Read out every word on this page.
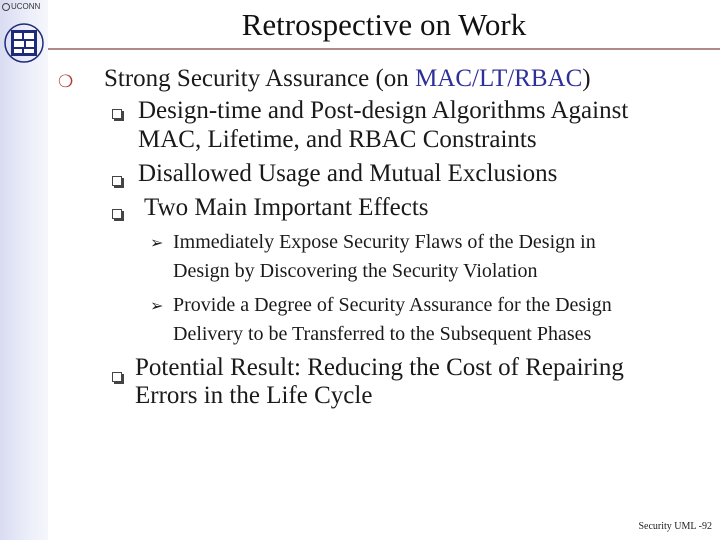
UCONN
Retrospective on Work
❍ Strong Security Assurance (on MAC/LT/RBAC)
Design-time and Post-design Algorithms Against
MAC, Lifetime, and RBAC Constraints
Disallowed Usage and Mutual Exclusions
Two Main Important Effects
➢ Immediately Expose Security Flaws of the Design in
Design by Discovering the Security Violation
➢ Provide a Degree of Security Assurance for the Design
Delivery to be Transferred to the Subsequent Phases
Potential Result: Reducing the Cost of Repairing
Errors in the Life Cycle
Security UML -92
